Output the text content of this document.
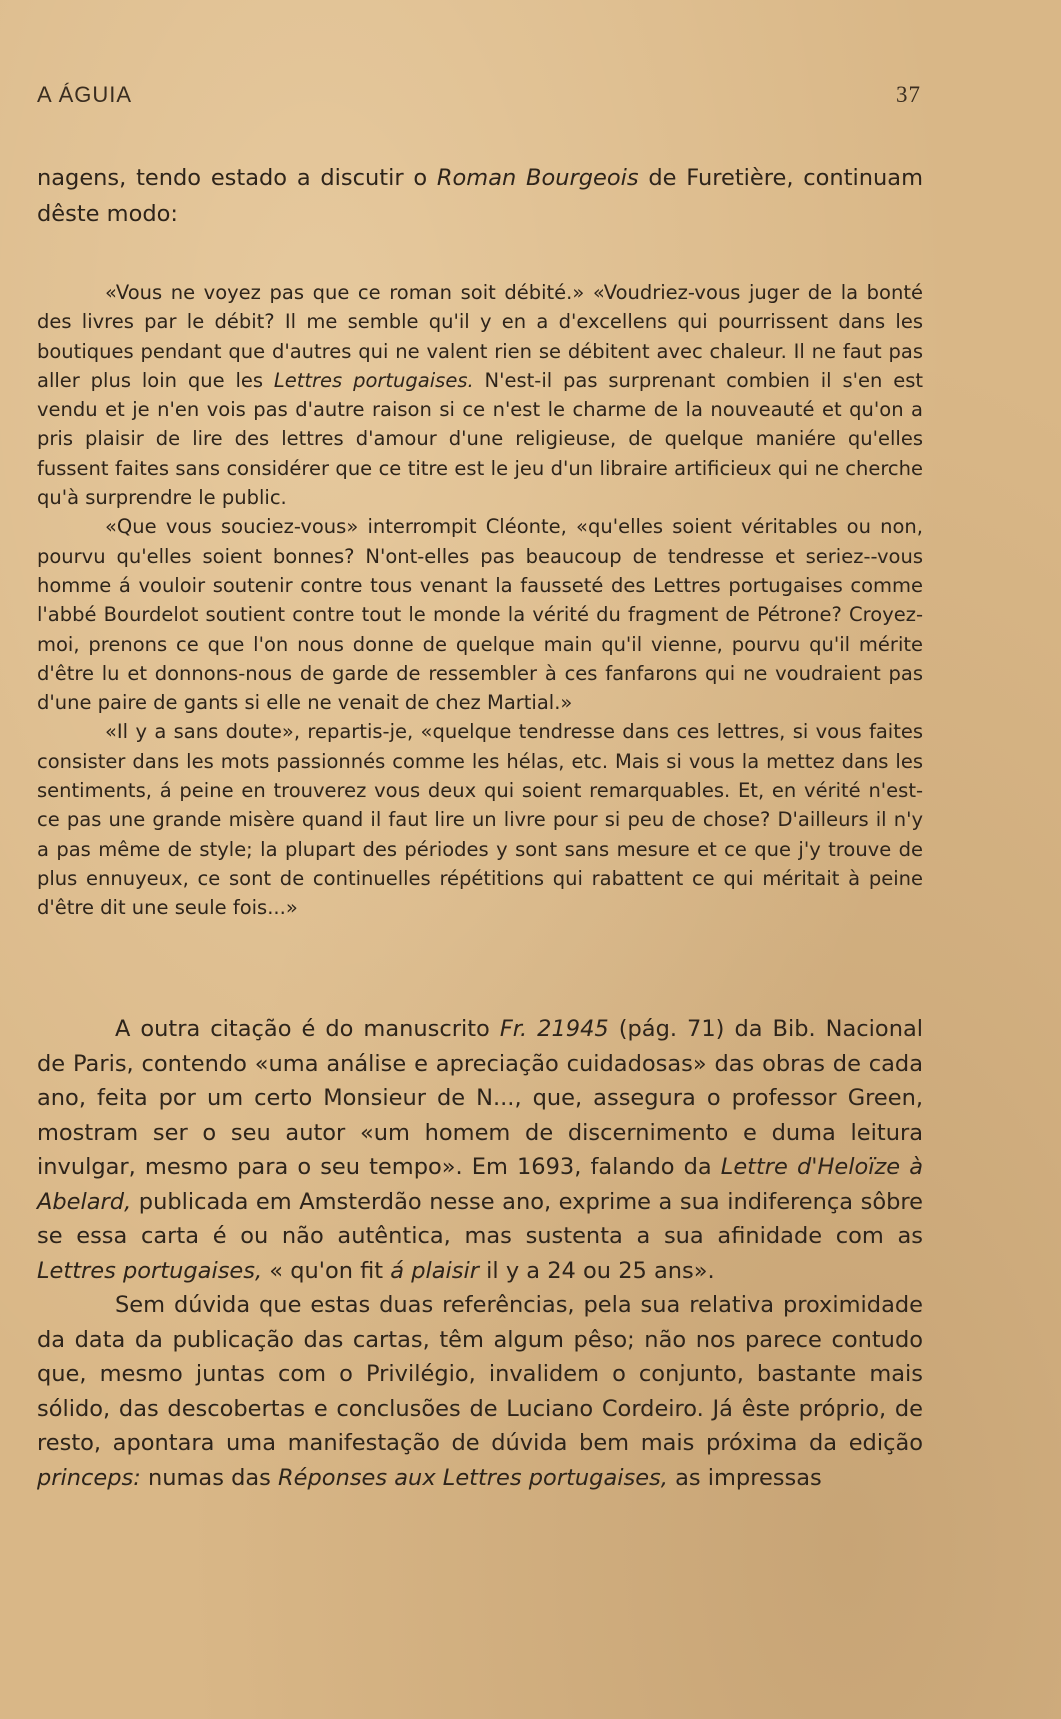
A ÁGUIA	37

nagens, tendo estado a discutir o Roman Bourgeois de Furetière, continuam dêste modo:

«Vous ne voyez pas que ce roman soit débité.» «Voudriez-vous juger de la bonté des livres par le débit? Il me semble qu'il y en a d'excellens qui pourrissent dans les boutiques pendant que d'autres qui ne valent rien se débitent avec chaleur. Il ne faut pas aller plus loin que les Lettres portugaises. N'est-il pas surprenant combien il s'en est vendu et je n'en vois pas d'autre raison si ce n'est le charme de la nouveauté et qu'on a pris plaisir de lire des lettres d'amour d'une religieuse, de quelque maniére qu'elles fussent faites sans considérer que ce titre est le jeu d'un libraire artificieux qui ne cherche qu'à surprendre le public.

«Que vous souciez-vous» interrompit Cléonte, «qu'elles soient véritables ou non, pourvu qu'elles soient bonnes? N'ont-elles pas beaucoup de tendresse et seriez--vous homme á vouloir soutenir contre tous venant la fausseté des Lettres portugaises comme l'abbé Bourdelot soutient contre tout le monde la vérité du fragment de Pétrone? Croyez-moi, prenons ce que l'on nous donne de quelque main qu'il vienne, pourvu qu'il mérite d'être lu et donnons-nous de garde de ressembler à ces fanfarons qui ne voudraient pas d'une paire de gants si elle ne venait de chez Martial.»

«Il y a sans doute», repartis-je, «quelque tendresse dans ces lettres, si vous faites consister dans les mots passionnés comme les hélas, etc. Mais si vous la mettez dans les sentiments, á peine en trouverez vous deux qui soient remarquables. Et, en vérité n'est-ce pas une grande misère quand il faut lire un livre pour si peu de chose? D'ailleurs il n'y a pas même de style; la plupart des périodes y sont sans mesure et ce que j'y trouve de plus ennuyeux, ce sont de continuelles répétitions qui rabattent ce qui méritait à peine d'être dit une seule fois...»

A outra citação é do manuscrito Fr. 21945 (pág. 71) da Bib. Nacional de Paris, contendo «uma análise e apreciação cuidadosas» das obras de cada ano, feita por um certo Monsieur de N..., que, assegura o professor Green, mostram ser o seu autor «um homem de discernimento e duma leitura invulgar, mesmo para o seu tempo». Em 1693, falando da Lettre d'Heloïze à Abelard, publicada em Amsterdão nesse ano, exprime a sua indiferença sôbre se essa carta é ou não autêntica, mas sustenta a sua afinidade com as Lettres portugaises, « qu'on fit á plaisir il y a 24 ou 25 ans».

Sem dúvida que estas duas referências, pela sua relativa proximidade da data da publicação das cartas, têm algum pêso; não nos parece contudo que, mesmo juntas com o Privilégio, invalidem o conjunto, bastante mais sólido, das descobertas e conclusões de Luciano Cordeiro. Já êste próprio, de resto, apontara uma manifestação de dúvida bem mais próxima da edição princeps: numas das Réponses aux Lettres portugaises, as impressas
